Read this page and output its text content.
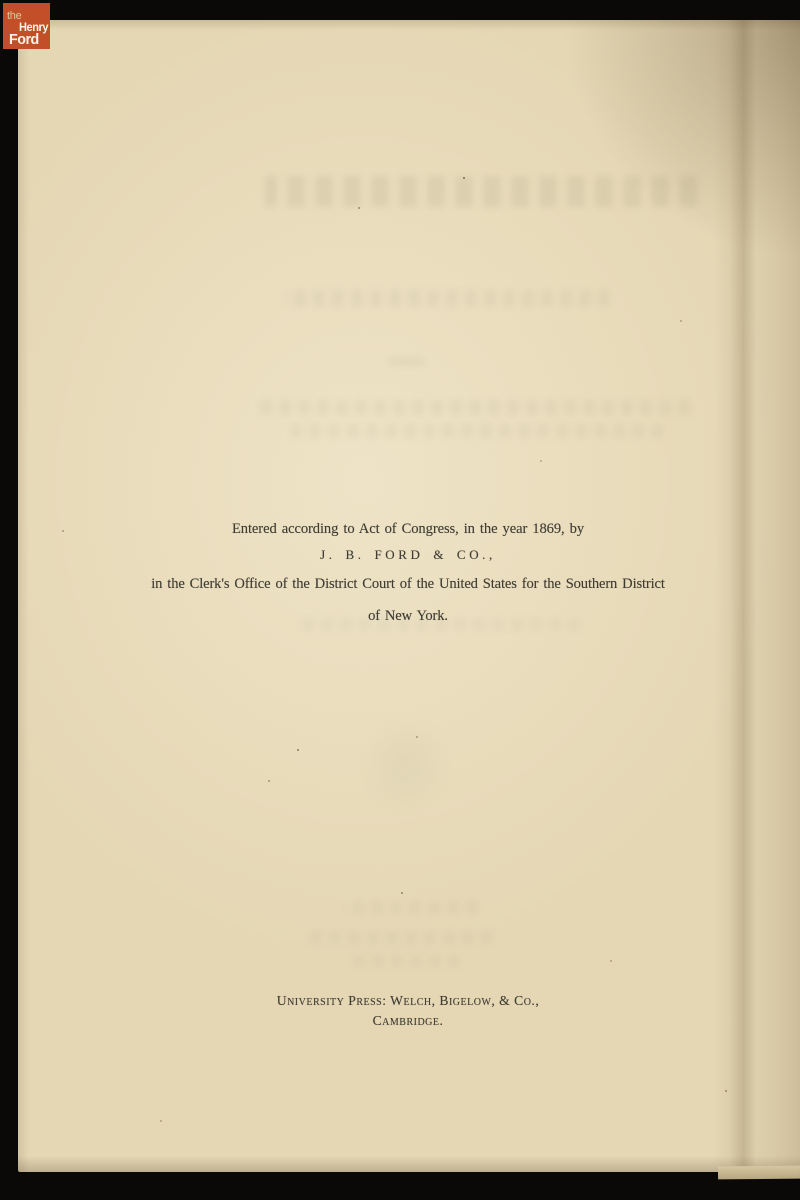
Entered according to Act of Congress, in the year 1869, by

J. B. FORD & CO.,

in the Clerk's Office of the District Court of the United States for the Southern District

of New York.

University Press: Welch, Bigelow, & Co.,

Cambridge.

the
Henry
Ford
